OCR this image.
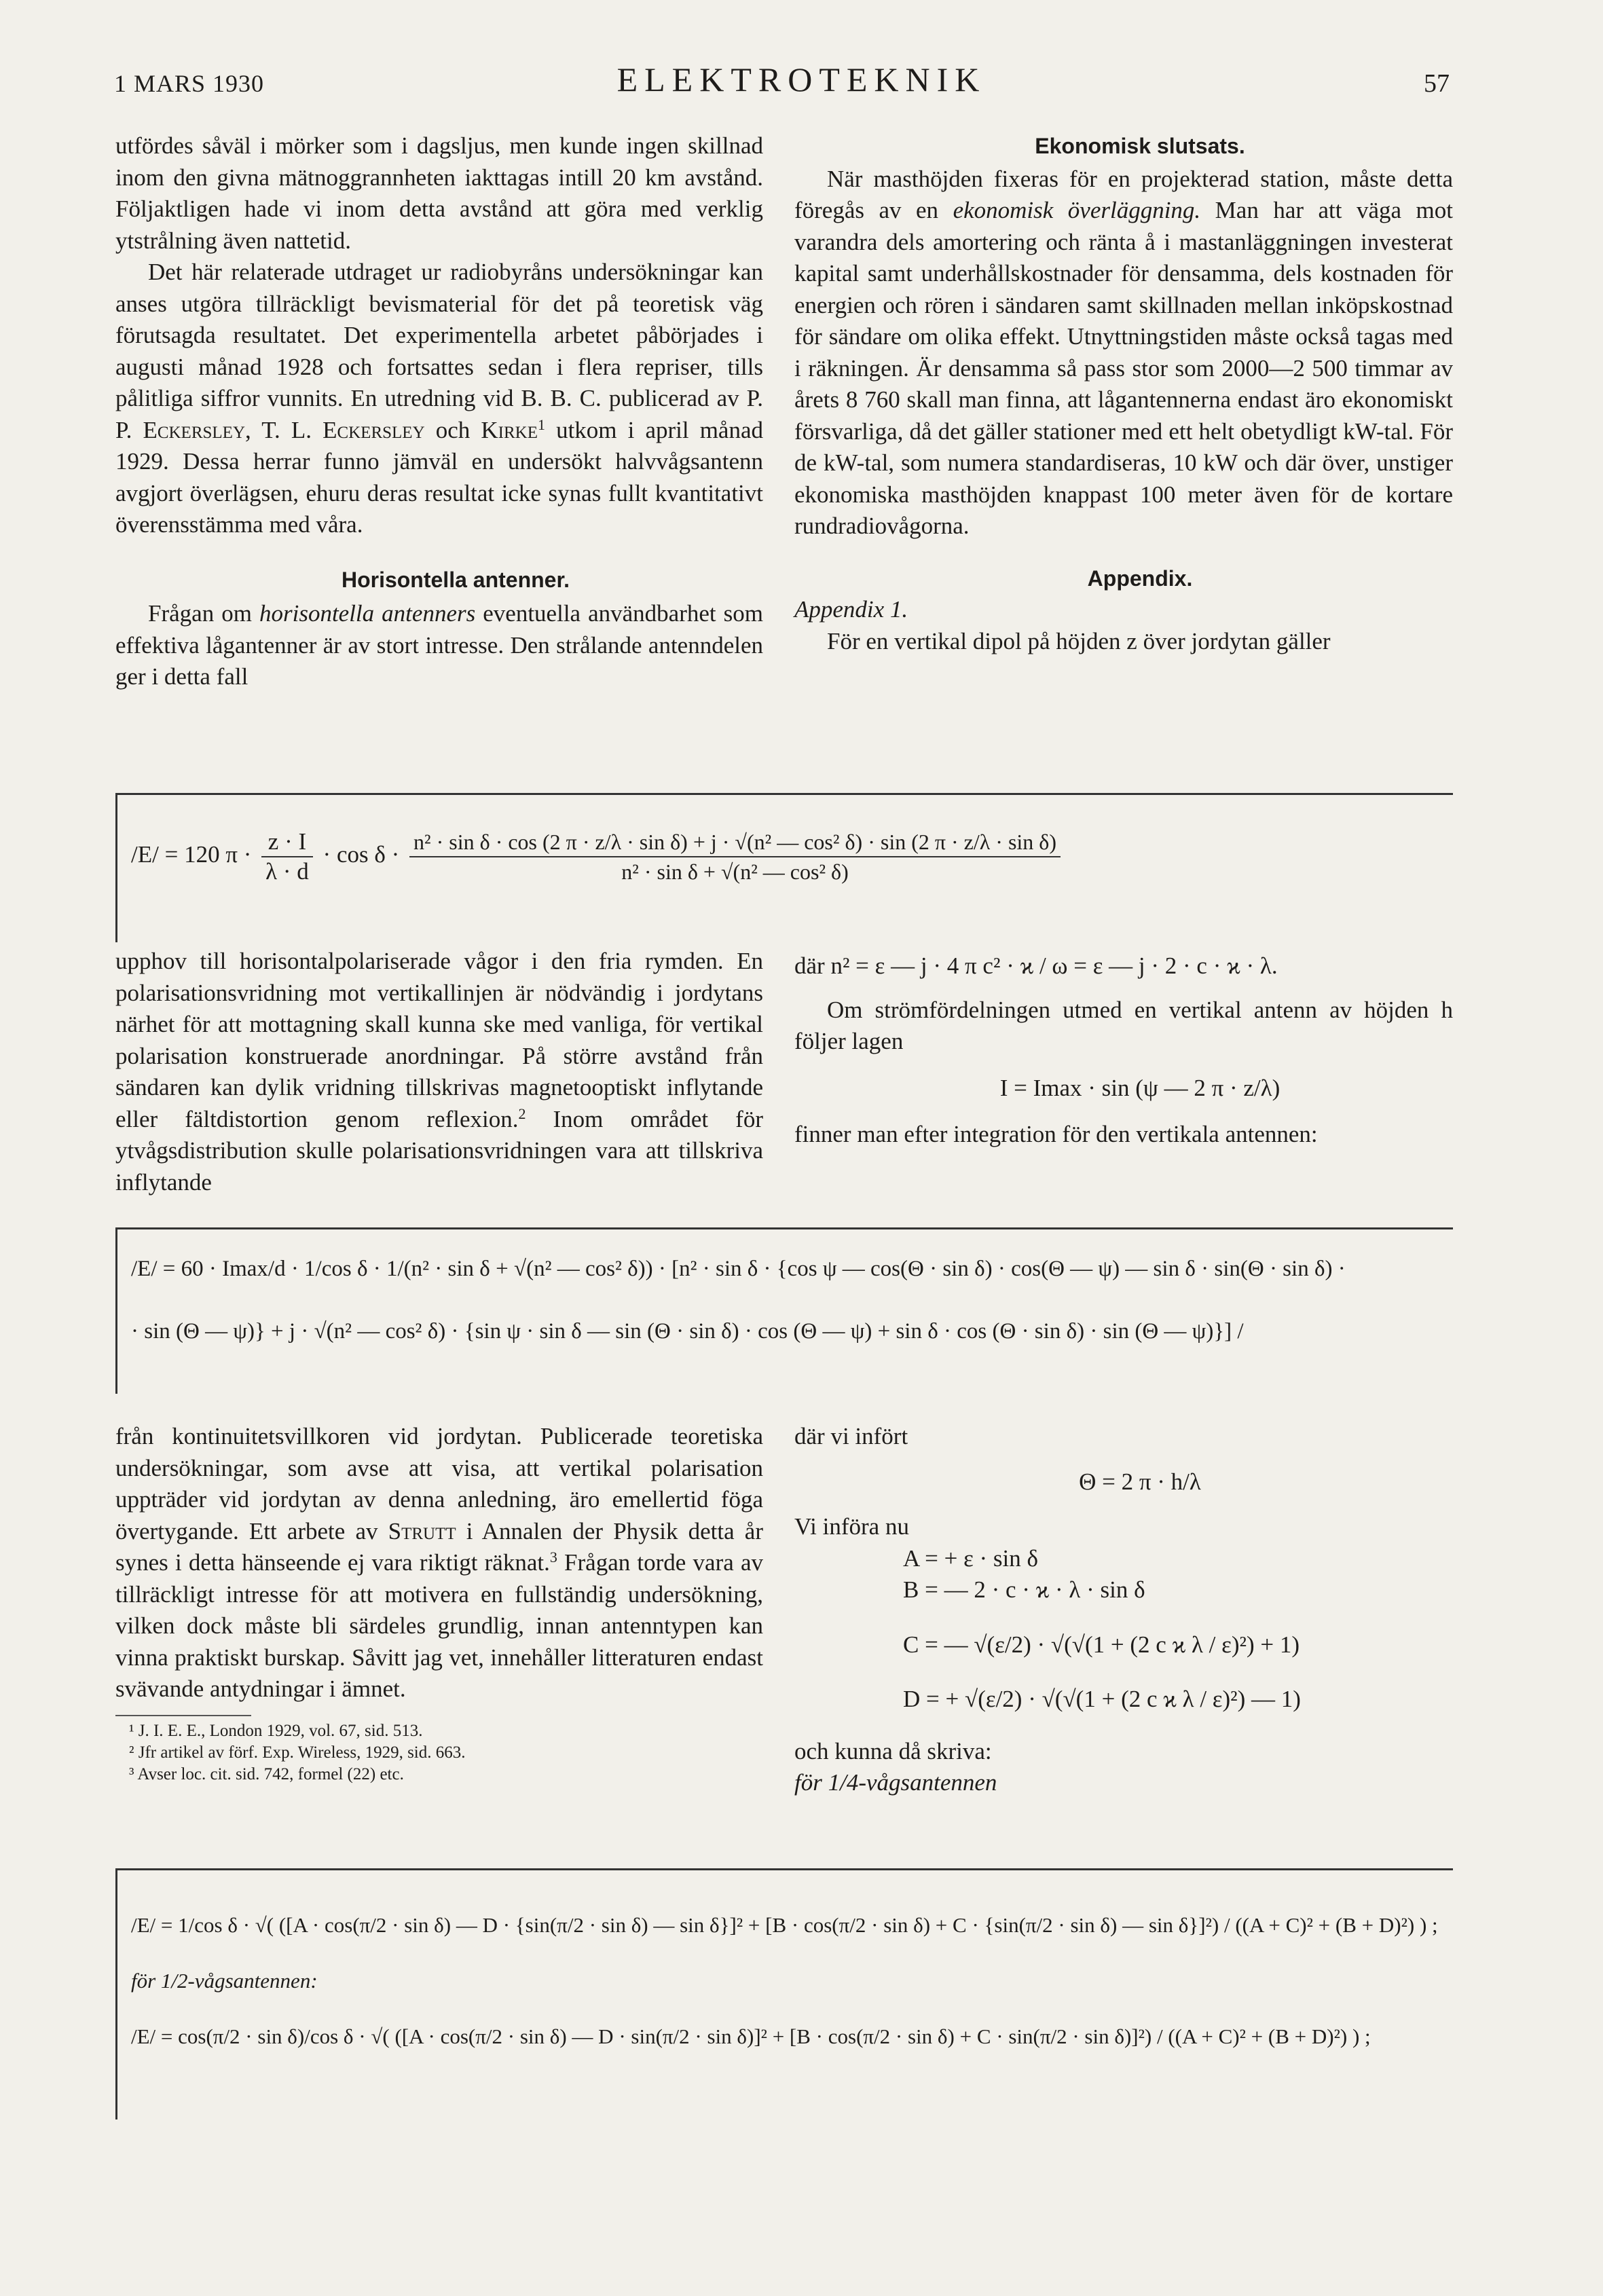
1 MARS 1930	ELEKTROTEKNIK	57

utfördes såväl i mörker som i dagsljus, men kunde ingen skillnad inom den givna mätnoggrannheten iakttagas intill 20 km avstånd. Följaktligen hade vi inom detta avstånd att göra med verklig ytstrålning även nattetid.

Det här relaterade utdraget ur radiobyråns undersökningar kan anses utgöra tillräckligt bevismaterial för det på teoretisk väg förutsagda resultatet. Det experimentella arbetet påbörjades i augusti månad 1928 och fortsattes sedan i flera repriser, tills pålitliga siffror vunnits. En utredning vid B. B. C. publicerad av P. P. Eckersley, T. L. Eckersley och Kirke$^1$ utkom i april månad 1929. Dessa herrar funno jämväl en undersökt halvvågsantenn avgjort överlägsen, ehuru deras resultat icke synas fullt kvantitativt överensstämma med våra.

Horisontella antenner.

Frågan om horisontella antenners eventuella användbarhet som effektiva lågantenner är av stort intresse. Den strålande antenndelen ger i detta fall

Ekonomisk slutsats.

När masthöjden fixeras för en projekterad station, måste detta föregås av en ekonomisk överläggning. Man har att väga mot varandra dels amortering och ränta å i mastanläggningen investerat kapital samt underhållskostnader för densamma, dels kostnaden för energien och rören i sändaren samt skillnaden mellan inköpskostnad för sändare om olika effekt. Utnyttningstiden måste också tagas med i räkningen. Är densamma så pass stor som 2000—2 500 timmar av årets 8 760 skall man finna, att lågantennerna endast äro ekonomiskt försvarliga, då det gäller stationer med ett helt obetydligt kW-tal. För de kW-tal, som numera standardiseras, 10 kW och där över, unstiger ekonomiska masthöjden knappast 100 meter även för de kortare rundradiovågorna.

Appendix.

Appendix 1.

För en vertikal dipol på höjden z över jordytan gäller

/E/ = 120 $\pi \cdot \frac{z \cdot I}{\lambda \cdot d} \cdot \cos \delta \cdot n^2 \cdot \sin \delta \cdot \cos (2$ π · z/λ · sin δ) + j · √(n² — cos² δ) · sin (2 π · z/λ · sin δ)
n² · sin δ + √(n² — cos² δ)

upphov till horisontalpolariserade vågor i den fria rymden. En polarisationsvridning mot vertikallinjen är nödvändig i jordytans närhet för att mottagning skall kunna ske med vanliga, för vertikal polarisation konstruerade anordningar. På större avstånd från sändaren kan dylik vridning tillskrivas magnetooptiskt inflytande eller fältdistortion genom reflexion.$^2$ Inom området för ytvågsdistribution skulle polarisationsvridningen vara att tillskriva inflytande

där n² = ε — j · 4 π c² · ϰ / ω = ε — j · 2 · c · ϰ · λ.

Om strömfördelningen utmed en vertikal antenn av höjden h följer lagen

I = Imax · sin (ψ — 2 π · z/λ)

finner man efter integration för den vertikala antennen:

/E/ = 60 · Imax/d · 1/cos δ · 1/(n² · sin δ + √(n² — cos² δ)) · [n² · sin δ · {cos ψ — cos(Θ · sin δ) · cos(Θ — ψ) — sin δ · sin(Θ · sin δ) ·
· sin (Θ — ψ)} + j · √(n² — cos² δ) · {sin ψ · sin δ — sin (Θ · sin δ) · cos (Θ — ψ) + sin δ · cos (Θ · sin δ) · sin (Θ — ψ)}] /

från kontinuitetsvillkoren vid jordytan. Publicerade teoretiska undersökningar, som avse att visa, att vertikal polarisation uppträder vid jordytan av denna anledning, äro emellertid föga övertygande. Ett arbete av Strutt i Annalen der Physik detta år synes i detta hänseende ej vara riktigt räknat.$^3$ Frågan torde vara av tillräckligt intresse för att motivera en fullständig undersökning, vilken dock måste bli särdeles grundlig, innan antenntypen kan vinna praktiskt burskap. Såvitt jag vet, innehåller litteraturen endast svävande antydningar i ämnet.

¹ J. I. E. E., London 1929, vol. 67, sid. 513.

² Jfr artikel av förf. Exp. Wireless, 1929, sid. 663.

³ Avser loc. cit. sid. 742, formel (22) etc.

där vi infört

Θ = 2 π · h/λ

Vi införa nu

A = + ε · sin δ

B = — 2 · c · ϰ · λ · sin δ

C = — √(ε/2) · √(√(1 + (2 c ϰ λ / ε)²) + 1)

D = + √(ε/2) · √(√(1 + (2 c ϰ λ / ε)²) — 1)

och kunna då skriva:

för 1/4-vågsantennen

/E/ = 1/cos δ · √( ([A · cos(π/2 · sin δ) — D · {sin(π/2 · sin δ) — sin δ}]² + [B · cos(π/2 · sin δ) + C · {sin(π/2 · sin δ) — sin δ}]²) / ((A + C)² + (B + D)²) ) ;
för 1/2-vågsantennen:
/E/ = cos(π/2 · sin δ)/cos δ · √( ([A · cos(π/2 · sin δ) — D · sin(π/2 · sin δ)]² + [B · cos(π/2 · sin δ) + C · sin(π/2 · sin δ)]²) / ((A + C)² + (B + D)²) ) ;
